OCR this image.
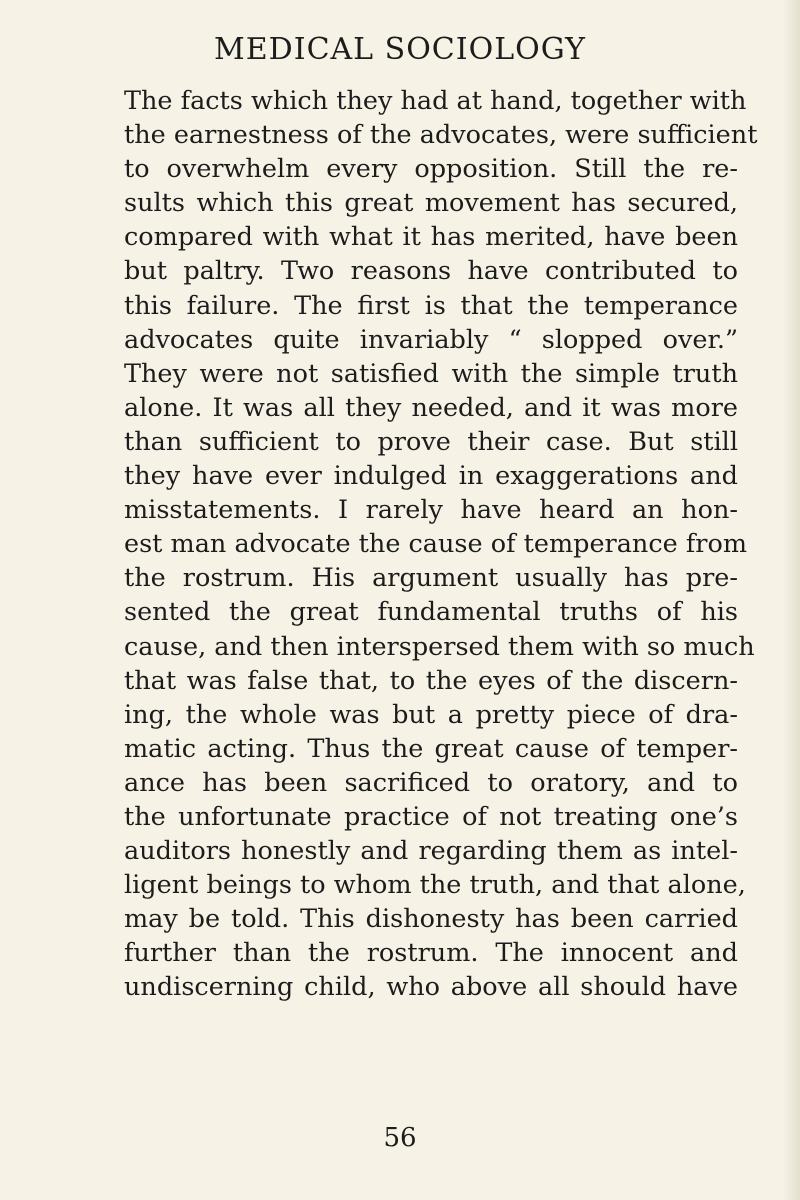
MEDICAL SOCIOLOGY
The facts which they had at hand, together with
the earnestness of the advocates, were sufficient
to overwhelm every opposition. Still the re-
sults which this great movement has secured,
compared with what it has merited, have been
but paltry. Two reasons have contributed to
this failure. The first is that the temperance
advocates quite invariably “ slopped over.”
They were not satisfied with the simple truth
alone. It was all they needed, and it was more
than sufficient to prove their case. But still
they have ever indulged in exaggerations and
misstatements. I rarely have heard an hon-
est man advocate the cause of temperance from
the rostrum. His argument usually has pre-
sented the great fundamental truths of his
cause, and then interspersed them with so much
that was false that, to the eyes of the discern-
ing, the whole was but a pretty piece of dra-
matic acting. Thus the great cause of temper-
ance has been sacrificed to oratory, and to
the unfortunate practice of not treating one’s
auditors honestly and regarding them as intel-
ligent beings to whom the truth, and that alone,
may be told. This dishonesty has been carried
further than the rostrum. The innocent and
undiscerning child, who above all should have
56
